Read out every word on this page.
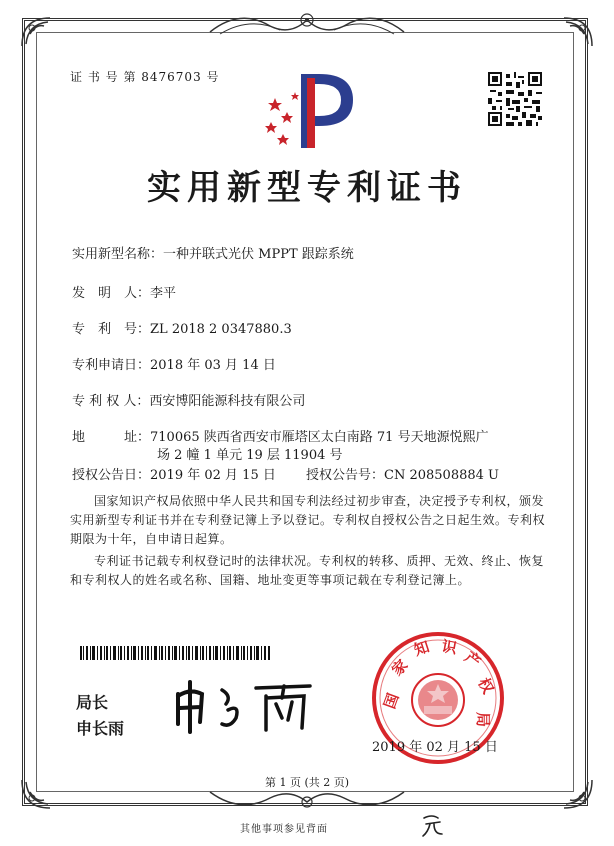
证 书 号 第 8476703 号
实用新型专利证书
实用新型名称：一种并联式光伏 MPPT 跟踪系统
发　明　人：李平
专　利　号：ZL 2018 2 0347880.3
专利申请日：2018 年 03 月 14 日
专 利 权 人：西安博阳能源科技有限公司
地　　　址：710065 陕西省西安市雁塔区太白南路 71 号天地源悦熙广
场 2 幢 1 单元 19 层 11904 号
授权公告日：2019 年 02 月 15 日 授权公告号：CN 208508884 U
国家知识产权局依照中华人民共和国专利法经过初步审查，决定授予专利权，颁发实用新型专利证书并在专利登记簿上予以登记。专利权自授权公告之日起生效。专利权期限为十年，自申请日起算。
专利证书记载专利权登记时的法律状况。专利权的转移、质押、无效、终止、恢复和专利权人的姓名或名称、国籍、地址变更等事项记载在专利登记簿上。
局长
申长雨
国
家
知 识
产
权
局
2019 年 02 月 15 日
第 1 页 (共 2 页)
其他事项参见背面
